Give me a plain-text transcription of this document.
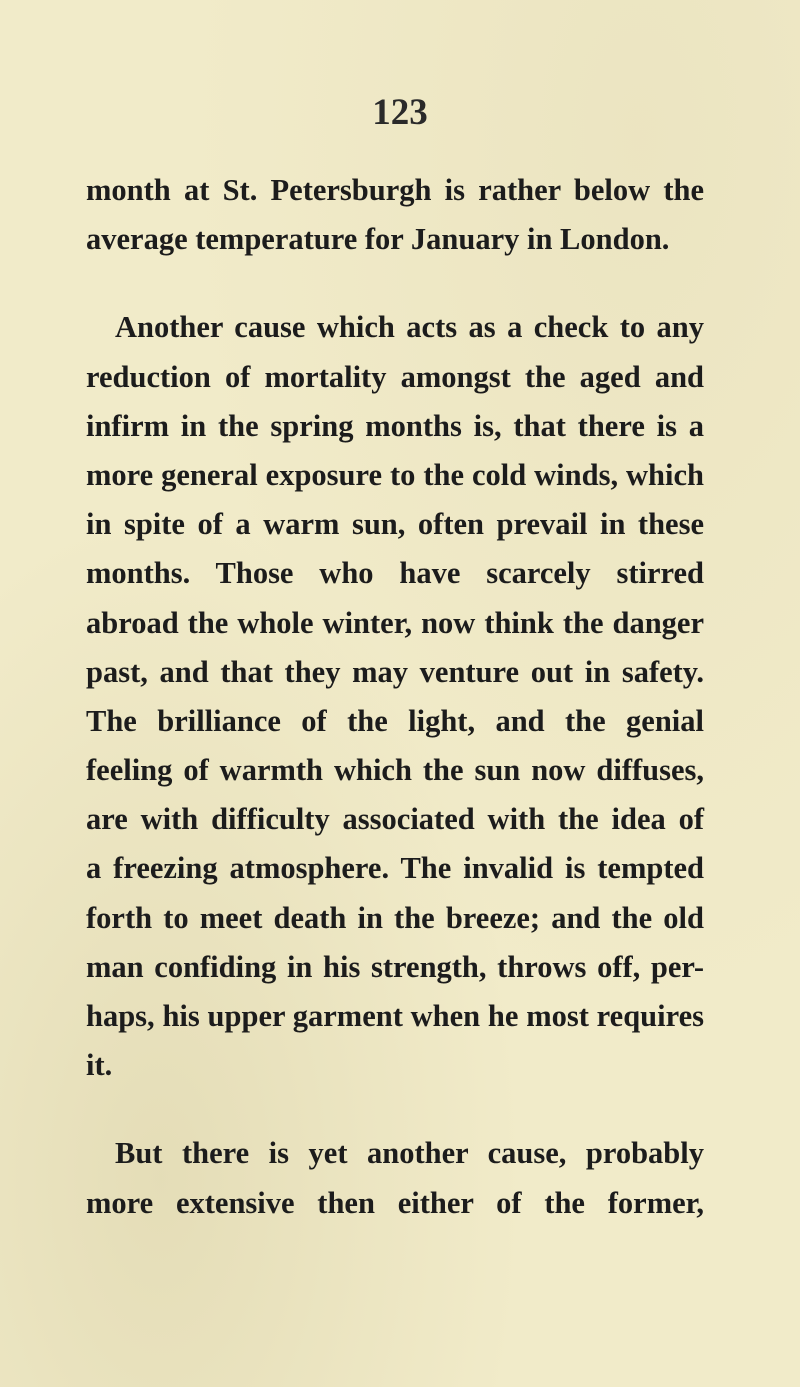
123
month at St. Petersburgh is rather below the
average temperature for January in London.
Another cause which acts as a check to any
reduction of mortality amongst the aged and
infirm in the spring months is, that there is a
more general exposure to the cold winds, which
in spite of a warm sun, often prevail in these
months. Those who have scarcely stirred
abroad the whole winter, now think the danger
past, and that they may venture out in safety.
The brilliance of the light, and the genial
feeling of warmth which the sun now diffuses,
are with difficulty associated with the idea of
a freezing atmosphere. The invalid is tempted
forth to meet death in the breeze; and the old
man confiding in his strength, throws off, per-
haps, his upper garment when he most requires
it.
But there is yet another cause, probably
more extensive then either of the former,
